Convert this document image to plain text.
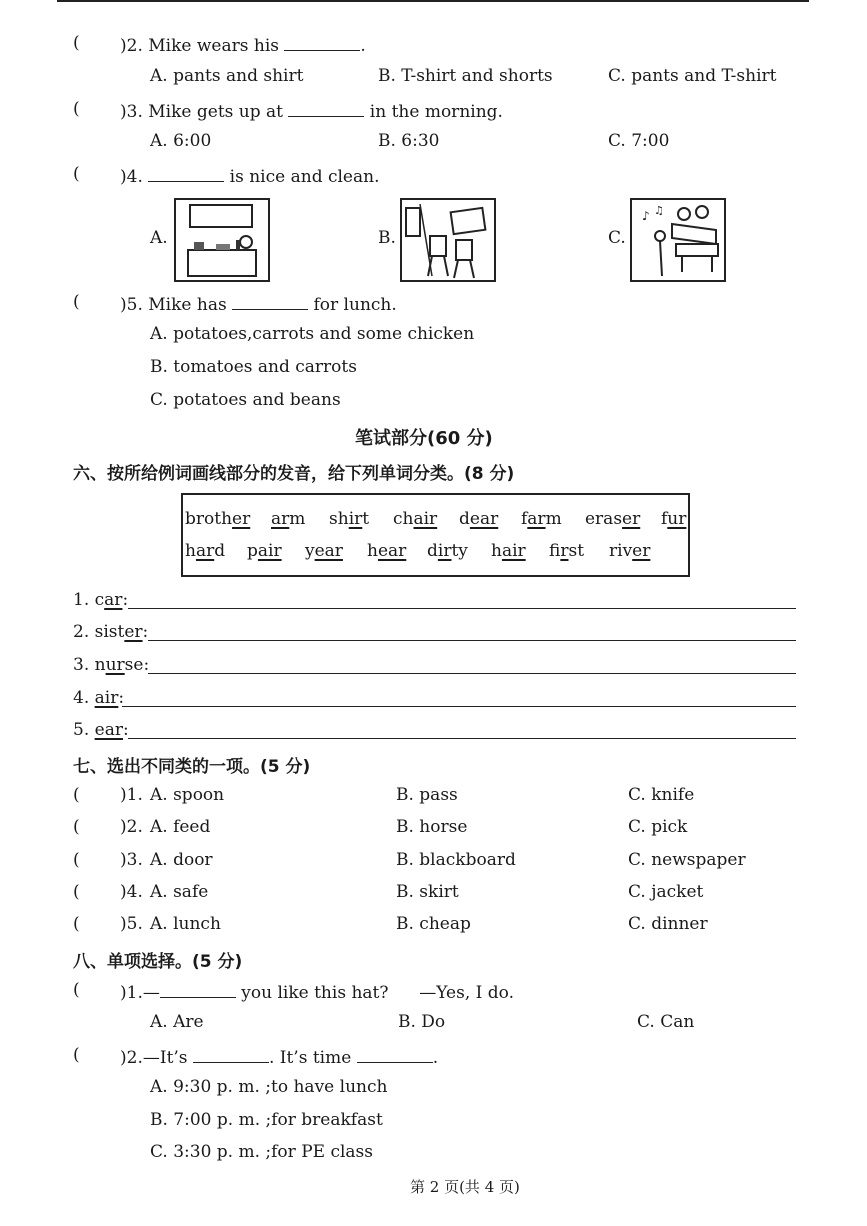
( )2. Mike wears his	.
A. pants and shirt	B. T-shirt and shorts	C. pants and T-shirt
( )3. Mike gets up at	in the morning.
A. 6:00	B. 6:30	C. 7:00
( )4.	is nice and clean.
A.	B.	C.
♪ ♫
( )5. Mike has	for lunch.
A. potatoes,carrots and some chicken
B. tomatoes and carrots
C. potatoes and beans
笔试部分(60 分)
六、按所给例词画线部分的发音，给下列单词分类。(8 分)
brother arm shirt chair dear farm eraser fur
hard pair year hear dirty hair first river
1. car:
2. sister:
3. nurse:
4. air:
5. ear:
七、选出不同类的一项。(5 分)
( )1. A. spoon	B. pass	C. knife
( )2. A. feed	B. horse	C. pick
( )3. A. door	B. blackboard	C. newspaper
( )4. A. safe	B. skirt	C. jacket
( )5. A. lunch	B. cheap	C. dinner
八、单项选择。(5 分)
( )1.—	you like this hat? —Yes, I do.
A. Are	B. Do	C. Can
( )2.—It’s	. It’s time	.
A. 9:30 p. m. ;to have lunch
B. 7:00 p. m. ;for breakfast
C. 3:30 p. m. ;for PE class
第 2 页(共 4 页)
